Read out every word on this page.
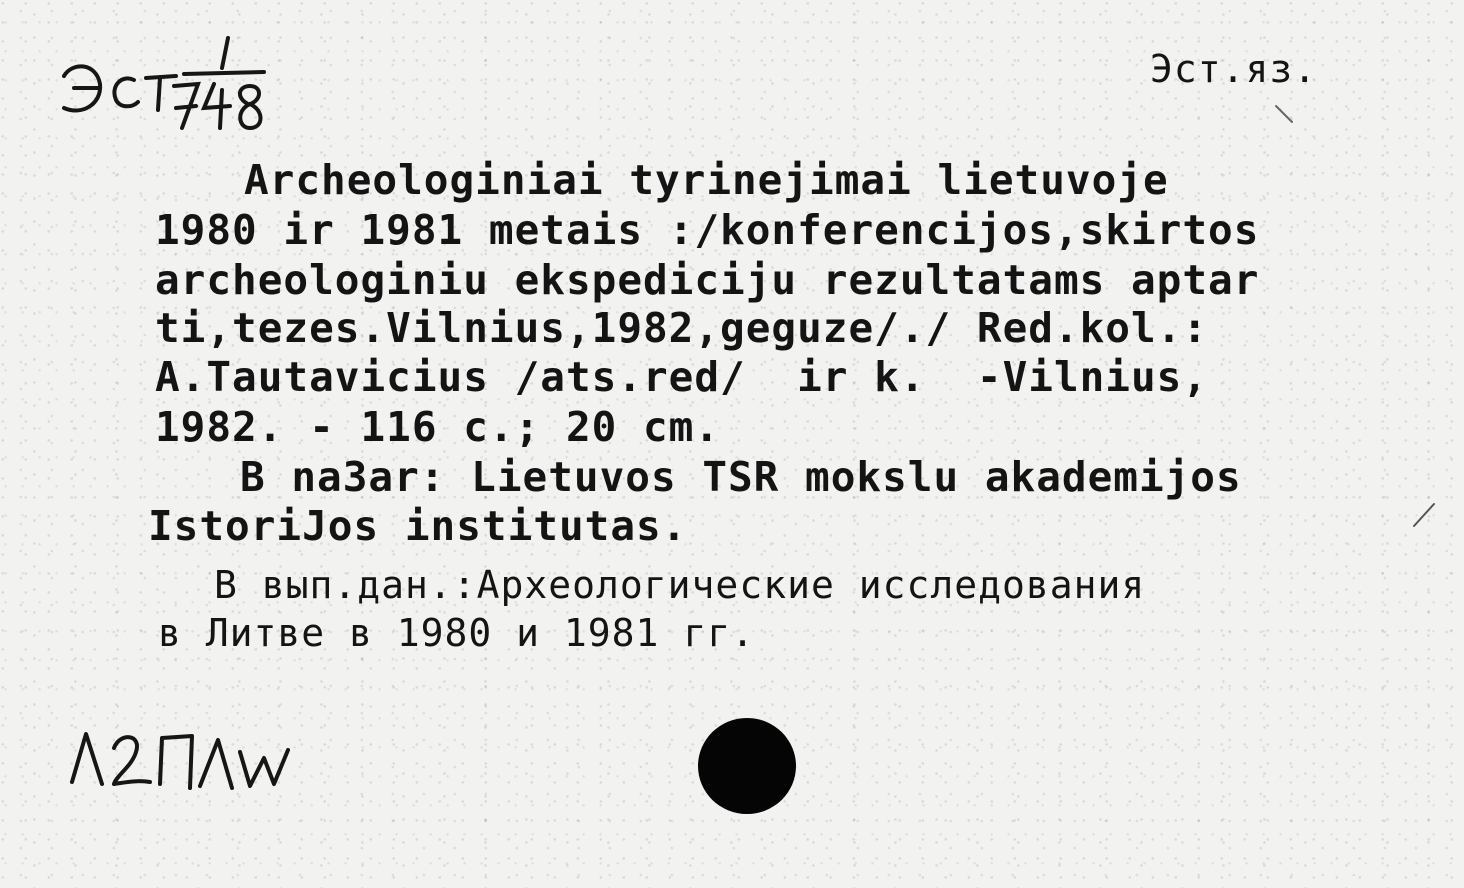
Эст.яз.
Archeologiniai tyrinejimai lietuvoje
1980 ir 1981 metais :/konferencijos,skirtos
archeologiniu ekspediciju rezultatams aptar
ti,tezes.Vilnius,1982,geguze/./ Red.kol.:
A.Tautavicius /ats.red/  ir k.  -Vilnius,
1982. - 116 c.; 20 cm.
B na3ar: Lietuvos TSR mokslu akademijos
IstoriJos institutas.
В вып.дан.:Археологические исследования
в Литве в 1980 и 1981 гг.
